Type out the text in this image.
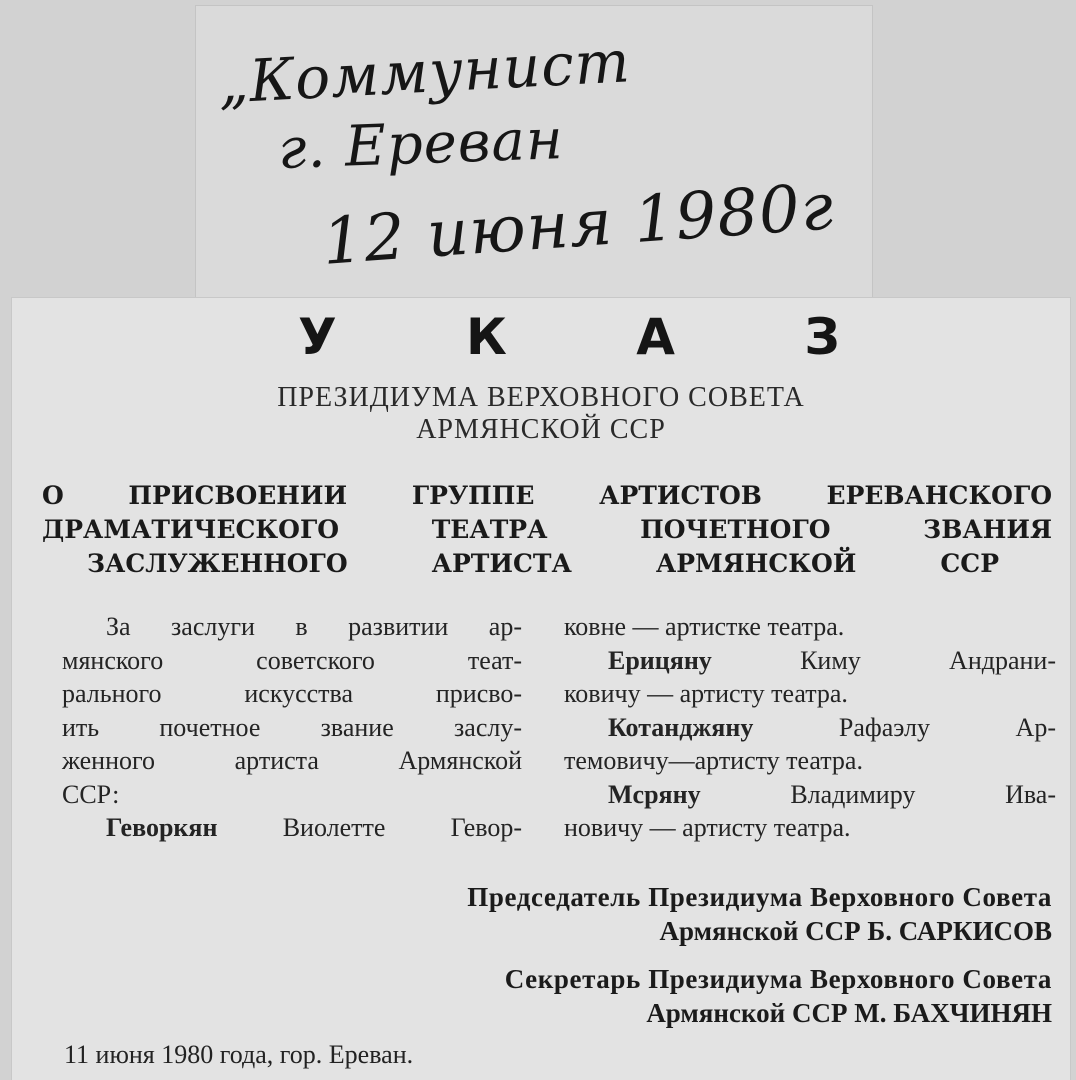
„Коммунист
г. Ереван
12 июня 1980г
У К А З
ПРЕЗИДИУМА ВЕРХОВНОГО СОВЕТА
АРМЯНСКОЙ ССР
О ПРИСВОЕНИИ ГРУППЕ АРТИСТОВ ЕРЕВАНСКОГО
ДРАМАТИЧЕСКОГО ТЕАТРА ПОЧЕТНОГО ЗВАНИЯ
ЗАСЛУЖЕННОГО АРТИСТА АРМЯНСКОЙ ССР
За заслуги в развитии ар-
мянского советского теат-
рального искусства присво-
ить почетное звание заслу-
женного артиста Армянской
ССР:
Геворкян Виолетте Гевор-
ковне — артистке театра.
Ерицяну Киму Андрани-
ковичу — артисту театра.
Котанджяну Рафаэлу Ар-
темовичу—артисту театра.
Мсряну Владимиру Ива-
новичу — артисту театра.
Председатель Президиума Верховного Совета
Армянской ССР Б. САРКИСОВ
Секретарь Президиума Верховного Совета
Армянской ССР М. БАХЧИНЯН
11 июня 1980 года, гор. Ереван.
